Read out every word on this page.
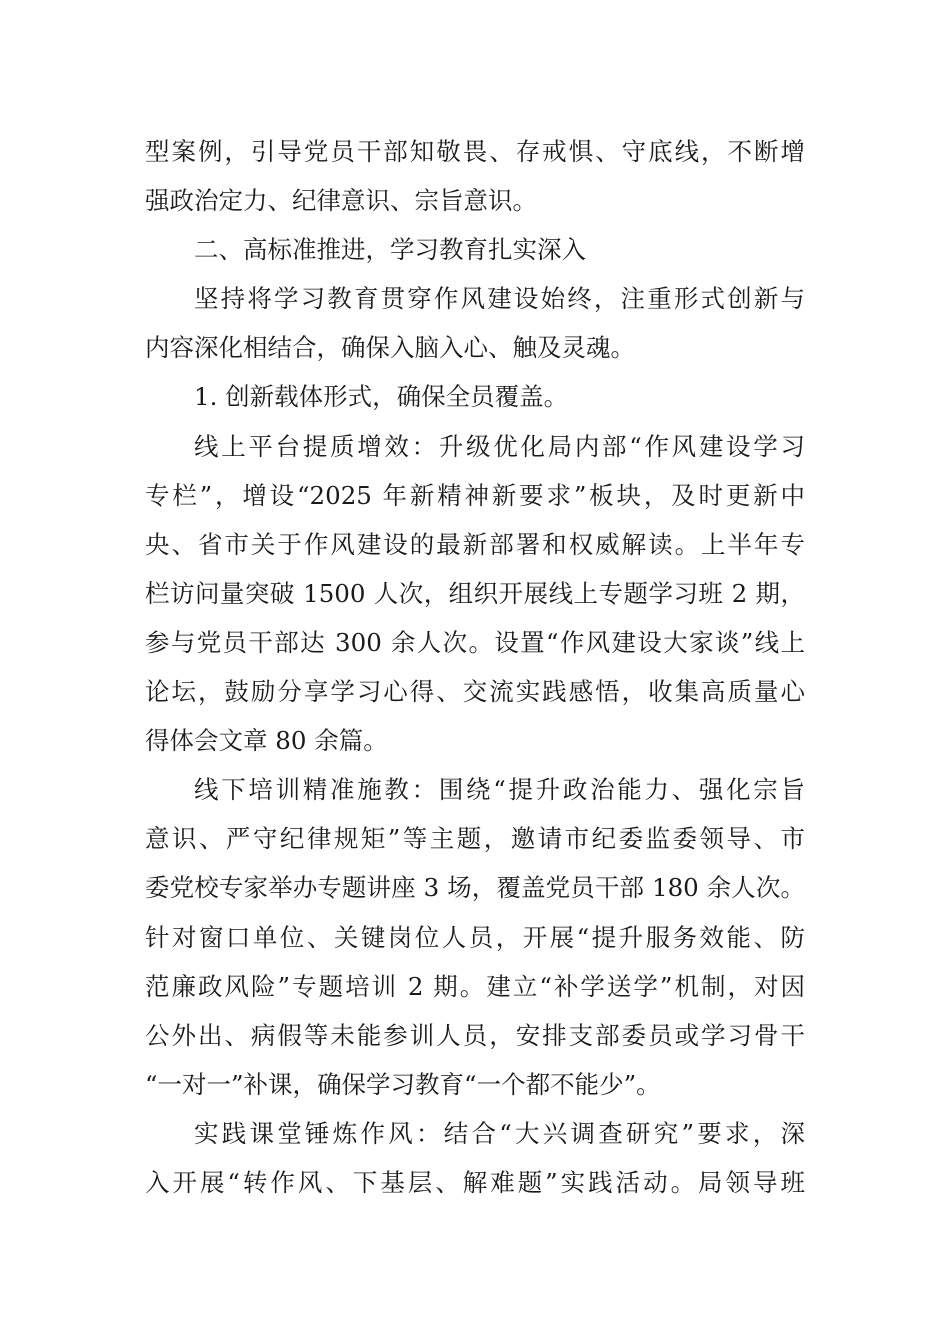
型案例，引导党员干部知敬畏、存戒惧、守底线，不断增
强政治定力、纪律意识、宗旨意识。
二、高标准推进，学习教育扎实深入
坚持将学习教育贯穿作风建设始终，注重形式创新与
内容深化相结合，确保入脑入心、触及灵魂。
1. 创新载体形式，确保全员覆盖。
线上平台提质增效：升级优化局内部“作风建设学习
专栏”，增设“2025 年新精神新要求”板块，及时更新中
央、省市关于作风建设的最新部署和权威解读。上半年专
栏访问量突破 1500 人次，组织开展线上专题学习班 2 期，
参与党员干部达 300 余人次。设置“作风建设大家谈”线上
论坛，鼓励分享学习心得、交流实践感悟，收集高质量心
得体会文章 80 余篇。
线下培训精准施教：围绕“提升政治能力、强化宗旨
意识、严守纪律规矩”等主题，邀请市纪委监委领导、市
委党校专家举办专题讲座 3 场，覆盖党员干部 180 余人次。
针对窗口单位、关键岗位人员，开展“提升服务效能、防
范廉政风险”专题培训 2 期。建立“补学送学”机制，对因
公外出、病假等未能参训人员，安排支部委员或学习骨干
“一对一”补课，确保学习教育“一个都不能少”。
实践课堂锤炼作风：结合“大兴调查研究”要求，深
入开展“转作风、下基层、解难题”实践活动。局领导班
